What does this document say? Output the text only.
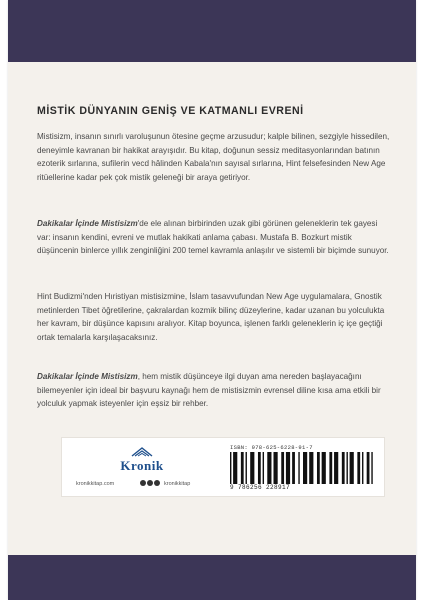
MİSTİK DÜNYANIN GENİŞ VE KATMANLI EVRENİ

Mistisizm, insanın sınırlı varoluşunun ötesine geçme arzusudur; kalple bilinen, sezgiyle hissedilen, deneyimle kavranan bir hakikat arayışıdır. Bu kitap, doğunun sessiz meditasyonlarından batının ezoterik sırlarına, sufilerin vecd hâlinden Kabala'nın sayısal sırlarına, Hint felsefesinden New Age ritüellerine kadar pek çok mistik geleneği bir araya getiriyor.

Dakikalar İçinde Mistisizm'de ele alınan birbirinden uzak gibi görünen geleneklerin tek gayesi var: insanın kendini, evreni ve mutlak hakikati anlama çabası. Mustafa B. Bozkurt mistik düşüncenin binlerce yıllık zenginliğini 200 temel kavramla anlaşılır ve sistemli bir biçimde sunuyor.

Hint Budizmi'nden Hıristiyan mistisizmine, İslam tasavvufundan New Age uygulamalara, Gnostik metinlerden Tibet öğretilerine, çakralardan kozmik bilinç düzeylerine, kadar uzanan bu yolculukta her kavram, bir düşünce kapısını aralıyor. Kitap boyunca, işlenen farklı geleneklerin iç içe geçtiği ortak temalarla karşılaşacaksınız.

Dakikalar İçinde Mistisizm, hem mistik düşünceye ilgi duyan ama nereden başlayacağını bilemeyenler için ideal bir başvuru kaynağı hem de mistisizmin evrensel diline kısa ama etkili bir yolculuk yapmak isteyenler için eşsiz bir rehber.

Kronik
kronikkitap.com	kronikkitap
ISBN: 978-625-6228-91-7
9 786256 228917
